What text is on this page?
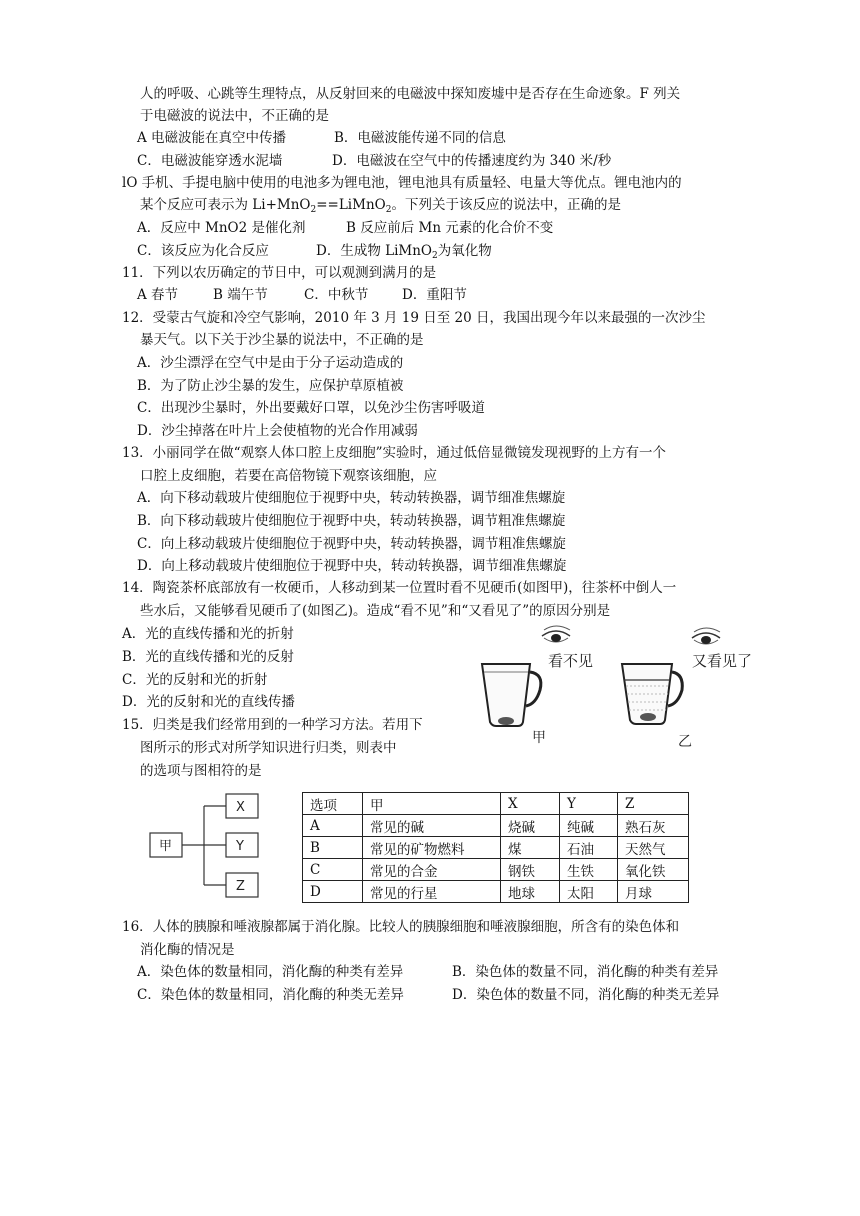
人的呼吸、心跳等生理特点，从反射回来的电磁波中探知废墟中是否存在生命迹象。F 列关
于电磁波的说法中，不正确的是
A 电磁波能在真空中传播	B．电磁波能传递不同的信息
C．电磁波能穿透水泥墙	D．电磁波在空气中的传播速度约为 340 米/秒
lO 手机、手提电脑中使用的电池多为锂电池，锂电池具有质量轻、电量大等优点。锂电池内的
某个反应可表示为 Li+MnO$_2$==LiMnO$_2$。下列关于该反应的说法中，正确的是
A．反应中 MnO2 是催化剂	B 反应前后 Mn 元素的化合价不变
C．该反应为化合反应	D．生成物 LiMnO$_2$为氧化物
11．下列以农历确定的节日中，可以观测到满月的是
A 春节	B 端午节	C．中秋节 D．重阳节
12．受蒙古气旋和冷空气影响，2010 年 3 月 19 日至 20 日，我国出现今年以来最强的一次沙尘
暴天气。以下关于沙尘暴的说法中，不正确的是
A．沙尘漂浮在空气中是由于分子运动造成的
B．为了防止沙尘暴的发生，应保护草原植被
C．出现沙尘暴时，外出要戴好口罩，以免沙尘伤害呼吸道
D．沙尘掉落在叶片上会使植物的光合作用减弱
13．小丽同学在做“观察人体口腔上皮细胞”实验时，通过低倍显微镜发现视野的上方有一个
口腔上皮细胞，若要在高倍物镜下观察该细胞，应
A．向下移动载玻片使细胞位于视野中央，转动转换器，调节细准焦螺旋
B．向下移动载玻片使细胞位于视野中央，转动转换器，调节粗准焦螺旋
C．向上移动载玻片使细胞位于视野中央，转动转换器，调节粗准焦螺旋
D．向上移动载玻片使细胞位于视野中央，转动转换器，调节细准焦螺旋
14．陶瓷茶杯底部放有一枚硬币，人移动到某一位置时看不见硬币(如图甲)，往茶杯中倒人一
些水后，又能够看见硬币了(如图乙)。造成“看不见”和“又看见了”的原因分别是
A．光的直线传播和光的折射
B．光的直线传播和光的反射
C．光的反射和光的折射
D．光的反射和光的直线传播
看不见
甲
又看见了
乙
15．归类是我们经常用到的一种学习方法。若用下
图所示的形式对所学知识进行归类，则表中
的选项与图相符的是
甲
X
Y
Z
选项	甲	X	Y	Z
A	常见的碱	烧碱	纯碱	熟石灰
B	常见的矿物燃料	煤	石油	天然气
C	常见的合金	钢铁	生铁	氧化铁
D	常见的行星	地球	太阳	月球
16．人体的胰腺和唾液腺都属于消化腺。比较人的胰腺细胞和唾液腺细胞，所含有的染色体和
消化酶的情况是
A．染色体的数量相同，消化酶的种类有差异	B．染色体的数量不同，消化酶的种类有差异
C．染色体的数量相同，消化酶的种类无差异	D．染色体的数量不同，消化酶的种类无差异
